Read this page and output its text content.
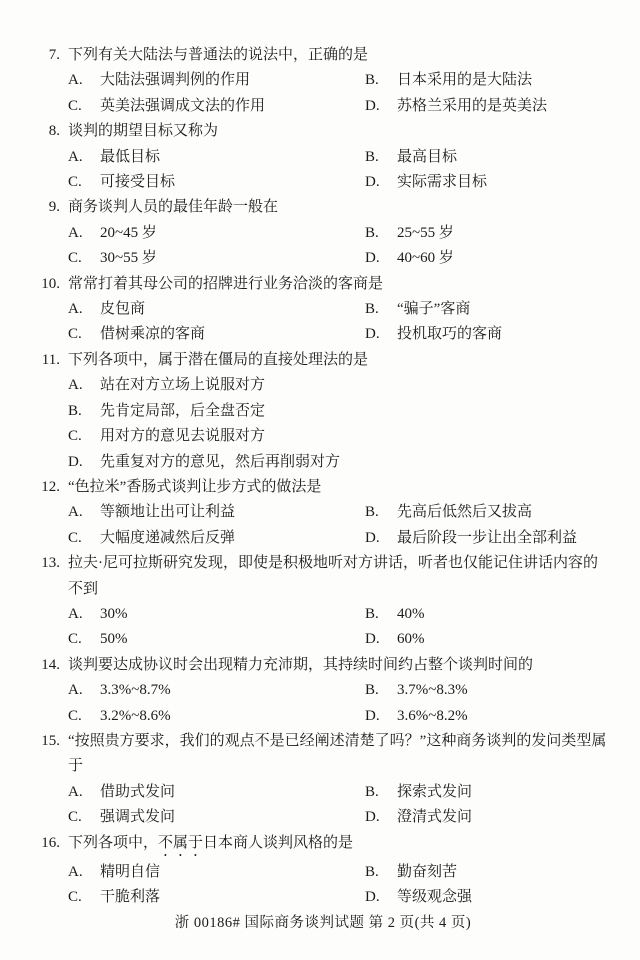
7. 下列有关大陆法与普通法的说法中，正确的是
A. 大陆法强调判例的作用	B. 日本采用的是大陆法
C. 英美法强调成文法的作用	D. 苏格兰采用的是英美法
8. 谈判的期望目标又称为
A. 最低目标	B. 最高目标
C. 可接受目标	D. 实际需求目标
9. 商务谈判人员的最佳年龄一般在
A. 20~45 岁	B. 25~55 岁
C. 30~55 岁	D. 40~60 岁
10. 常常打着其母公司的招牌进行业务洽淡的客商是
A. 皮包商	B. “骗子”客商
C. 借树乘凉的客商	D. 投机取巧的客商
11. 下列各项中，属于潜在僵局的直接处理法的是
A. 站在对方立场上说服对方
B. 先肯定局部，后全盘否定
C. 用对方的意见去说服对方
D. 先重复对方的意见，然后再削弱对方
12. “色拉米”香肠式谈判让步方式的做法是
A. 等额地让出可让利益	B. 先高后低然后又拔高
C. 大幅度递减然后反弹	D. 最后阶段一步让出全部利益
13. 拉夫·尼可拉斯研究发现，即使是积极地听对方讲话，听者也仅能记住讲话内容的不到
A. 30%	B. 40%
C. 50%	D. 60%
14. 谈判要达成协议时会出现精力充沛期，其持续时间约占整个谈判时间的
A. 3.3%~8.7%	B. 3.7%~8.3%
C. 3.2%~8.6%	D. 3.6%~8.2%
15. “按照贵方要求，我们的观点不是已经阐述清楚了吗？”这种商务谈判的发问类型属于
A. 借助式发问	B. 探索式发问
C. 强调式发问	D. 澄清式发问
16. 下列各项中，不属于日本商人谈判风格的是
A. 精明自信	B. 勤奋刻苦
C. 干脆利落	D. 等级观念强
浙 00186# 国际商务谈判试题 第 2 页(共 4 页)
